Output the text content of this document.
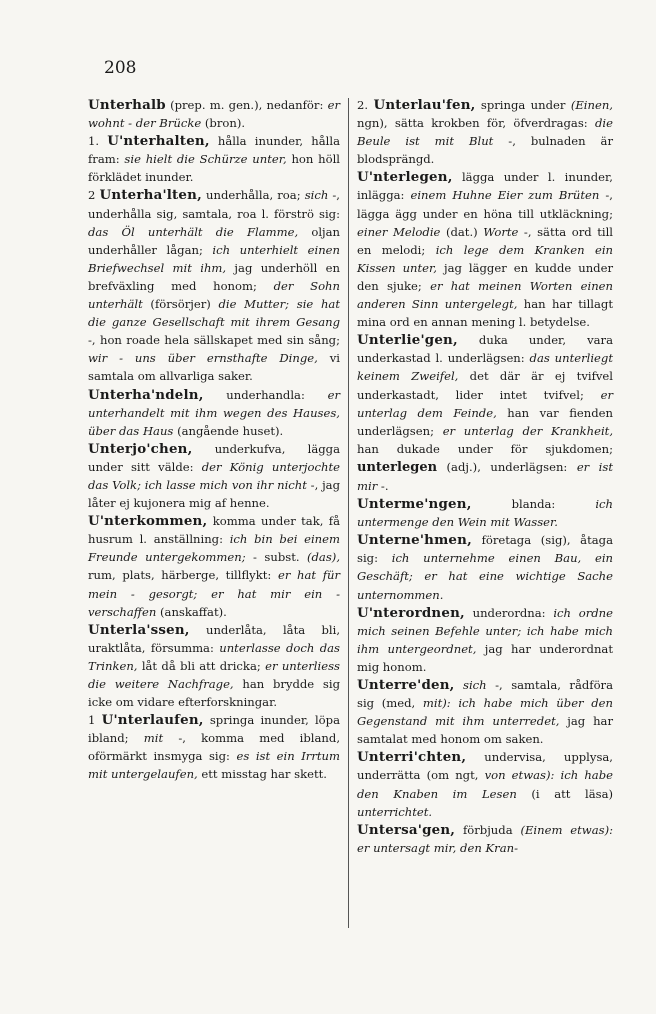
208

Unterhalb (prep. m. gen.), nedanför: er wohnt - der Brücke (bron).

1. U'nterhalten, hålla inunder, hålla fram: sie hielt die Schürze unter, hon höll förklädet inunder.

2 Unterha'lten, underhålla, roa; sich -, underhålla sig, samtala, roa l. förströ sig: das Öl unterhält die Flamme, oljan underhåller lågan; ich unterhielt einen Briefwechsel mit ihm, jag underhöll en brefväxling med honom; der Sohn unterhält (försörjer) die Mutter; sie hat die ganze Gesellschaft mit ihrem Gesang -, hon roade hela sällskapet med sin sång; wir - uns über ernsthafte Dinge, vi samtala om allvarliga saker.

Unterha'ndeln, underhandla: er unterhandelt mit ihm wegen des Hauses, über das Haus (angående huset).

Unterjo'chen, underkufva, lägga under sitt välde: der König unterjochte das Volk; ich lasse mich von ihr nicht -, jag låter ej kujonera mig af henne.

U'nterkommen, komma under tak, få husrum l. anställning: ich bin bei einem Freunde untergekommen; - subst. (das), rum, plats, härberge, tillflykt: er hat für mein - gesorgt; er hat mir ein - verschaffen (anskaffat).

Unterla'ssen, underlåta, låta bli, uraktlåta, försumma: unterlasse doch das Trinken, låt då bli att dricka; er unterliess die weitere Nachfrage, han brydde sig icke om vidare efterforskningar.

1 U'nterlaufen, springa inunder, löpa ibland; mit -, komma med ibland, oförmärkt insmyga sig: es ist ein Irrtum mit untergelaufen, ett misstag har skett.

2. Unterlau'fen, springa under (Einen, ngn), sätta krokben för, öfverdragas: die Beule ist mit Blut -, bulnaden är blodsprängd.

U'nterlegen, lägga under l. inunder, inlägga: einem Huhne Eier zum Brüten -, lägga ägg under en höna till utkläckning; einer Melodie (dat.) Worte -, sätta ord till en melodi; ich lege dem Kranken ein Kissen unter, jag lägger en kudde under den sjuke; er hat meinen Worten einen anderen Sinn untergelegt, han har tillagt mina ord en annan mening l. betydelse.

Unterlie'gen, duka under, vara underkastad l. underlägsen: das unterliegt keinem Zweifel, det där är ej tvifvel underkastadt, lider intet tvifvel; er unterlag dem Feinde, han var fienden underlägsen; er unterlag der Krankheit, han dukade under för sjukdomen; unterlegen (adj.), underlägsen: er ist mir -.

Unterme'ngen, blanda: ich untermenge den Wein mit Wasser.

Unterne'hmen, företaga (sig), åtaga sig: ich unternehme einen Bau, ein Geschäft; er hat eine wichtige Sache unternommen.

U'nterordnen, underordna: ich ordne mich seinen Befehle unter; ich habe mich ihm untergeordnet, jag har underordnat mig honom.

Unterre'den, sich -, samtala, rådföra sig (med, mit): ich habe mich über den Gegenstand mit ihm unterredet, jag har samtalat med honom om saken.

Unterri'chten, undervisa, upplysa, underrätta (om ngt, von etwas): ich habe den Knaben im Lesen (i att läsa) unterrichtet.

Untersa'gen, förbjuda (Einem etwas): er untersagt mir, den Kran-
